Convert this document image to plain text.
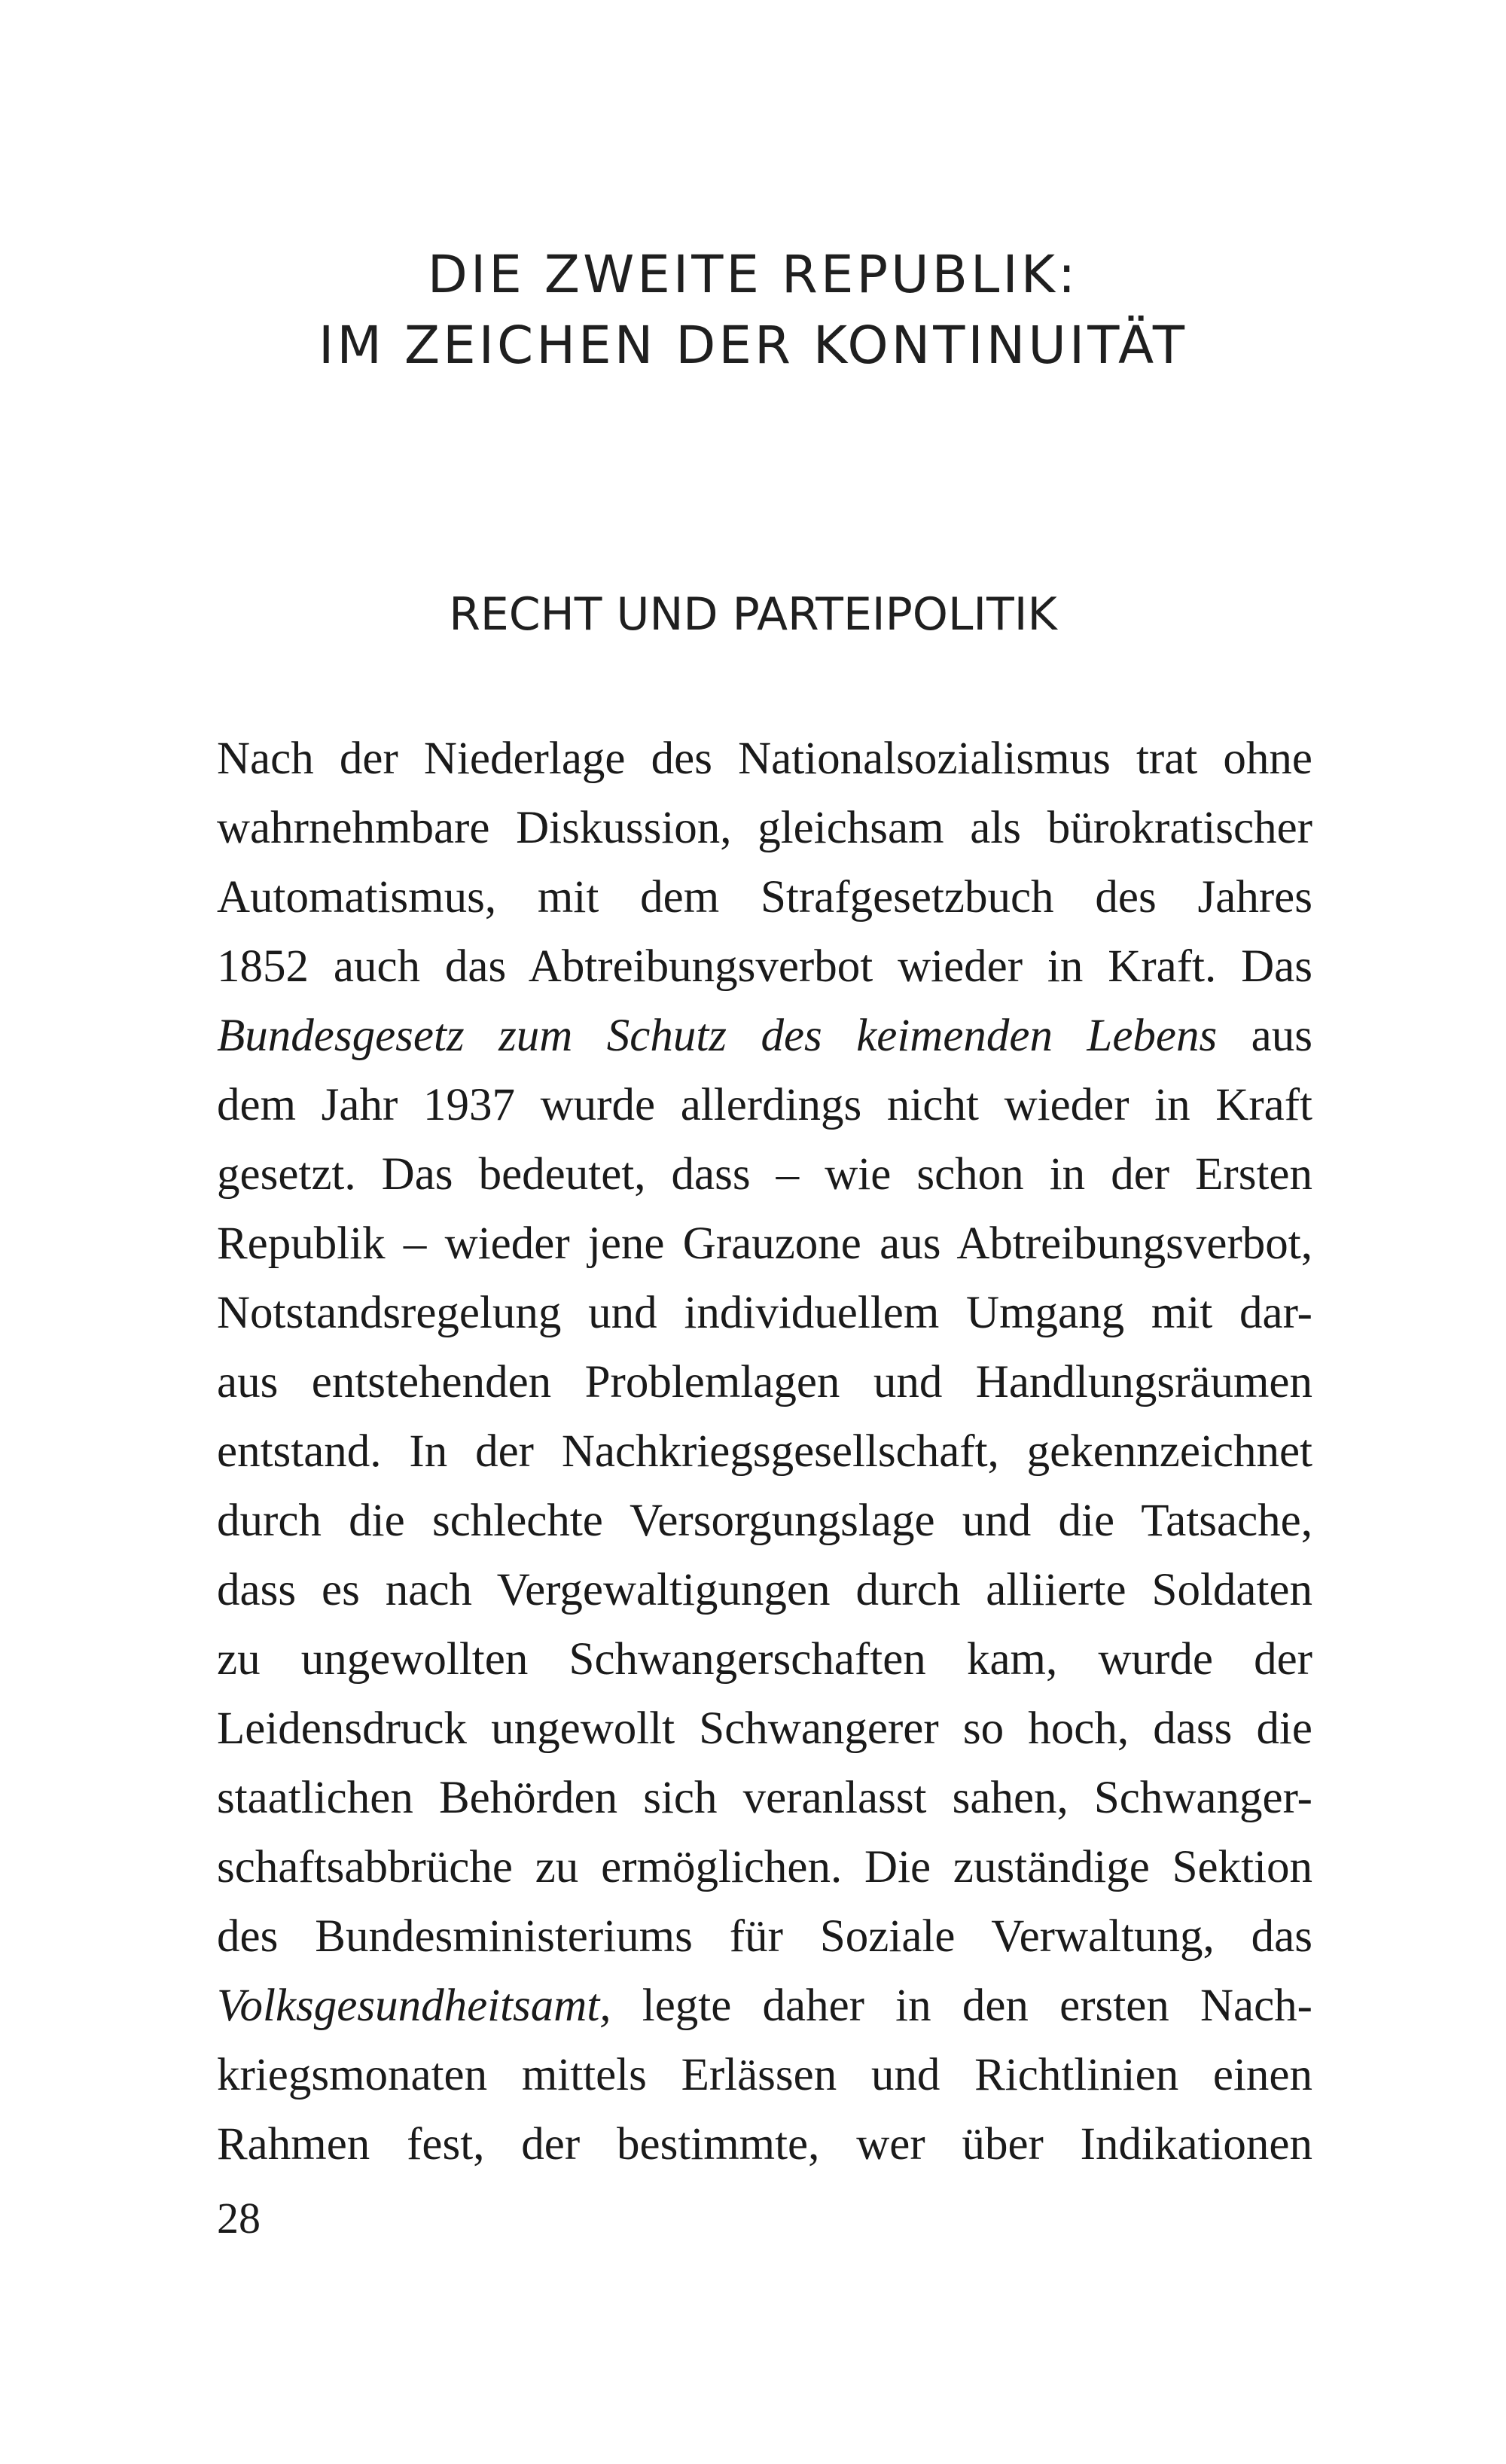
DIE ZWEITE REPUBLIK:
IM ZEICHEN DER KONTINUITÄT
RECHT UND PARTEIPOLITIK
Nach der Niederlage des Nationalsozialismus trat ohne
wahrnehmbare Diskussion, gleichsam als bürokratischer
Automatismus, mit dem Strafgesetzbuch des Jahres
1852 auch das Abtreibungsverbot wieder in Kraft. Das
Bundesgesetz zum Schutz des keimenden Lebens aus
dem Jahr 1937 wurde allerdings nicht wieder in Kraft
gesetzt. Das bedeutet, dass – wie schon in der Ersten
Republik – wieder jene Grauzone aus Abtreibungsverbot,
Notstandsregelung und individuellem Umgang mit dar-
aus entstehenden Problemlagen und Handlungsräumen
entstand. In der Nachkriegsgesellschaft, gekennzeichnet
durch die schlechte Versorgungslage und die Tatsache,
dass es nach Vergewaltigungen durch alliierte Soldaten
zu ungewollten Schwangerschaften kam, wurde der
Leidensdruck ungewollt Schwangerer so hoch, dass die
staatlichen Behörden sich veranlasst sahen, Schwanger-
schaftsabbrüche zu ermöglichen. Die zuständige Sektion
des Bundesministeriums für Soziale Verwaltung, das
Volksgesundheitsamt, legte daher in den ersten Nach-
kriegsmonaten mittels Erlässen und Richtlinien einen
Rahmen fest, der bestimmte, wer über Indikationen
28
